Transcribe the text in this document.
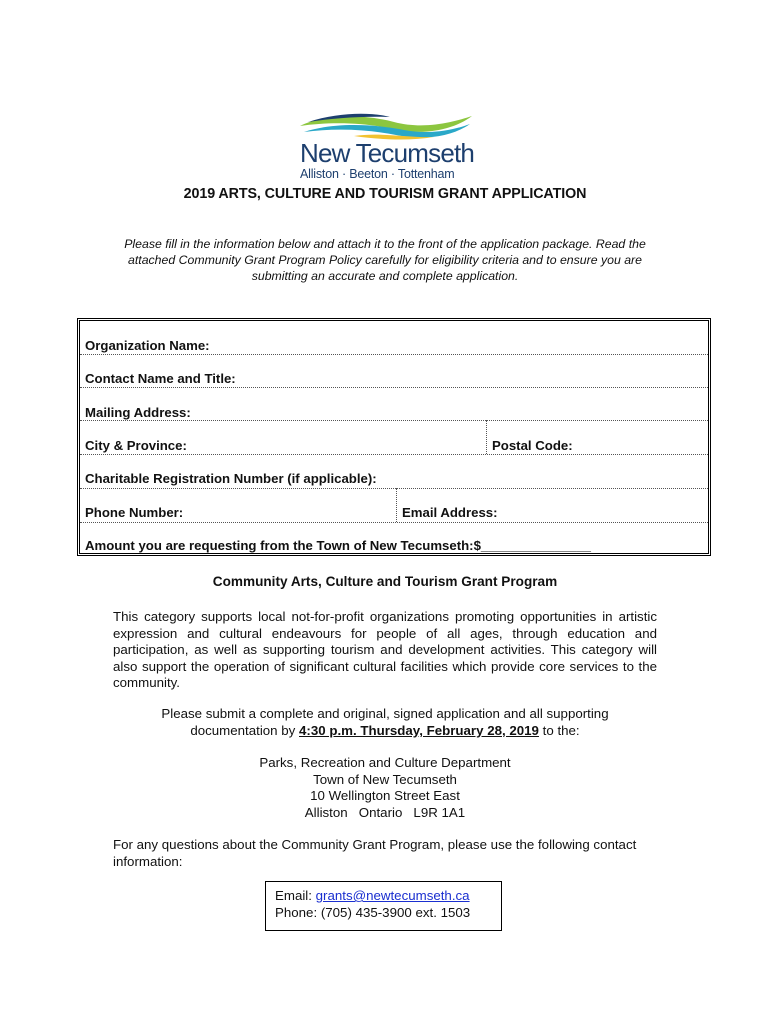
New Tecumseth
Alliston · Beeton · Tottenham
2019 ARTS, CULTURE AND TOURISM GRANT APPLICATION
Please fill in the information below and attach it to the front of the application package. Read the attached Community Grant Program Policy carefully for eligibility criteria and to ensure you are submitting an accurate and complete application.
Organization Name:
Contact Name and Title:
Mailing Address:
City & Province:	Postal Code:
Charitable Registration Number (if applicable):
Phone Number:	Email Address:
Amount you are requesting from the Town of New Tecumseth:$_______________
Community Arts, Culture and Tourism Grant Program
This category supports local not-for-profit organizations promoting opportunities in artistic expression and cultural endeavours for people of all ages, through education and participation, as well as supporting tourism and development activities. This category will also support the operation of significant cultural facilities which provide core services to the community.
Please submit a complete and original, signed application and all supporting
documentation by 4:30 p.m. Thursday, February 28, 2019 to the:
Parks, Recreation and Culture Department
Town of New Tecumseth
10 Wellington Street East
Alliston   Ontario   L9R 1A1
For any questions about the Community Grant Program, please use the following contact information:
Email: grants@newtecumseth.ca
Phone: (705) 435-3900 ext. 1503
